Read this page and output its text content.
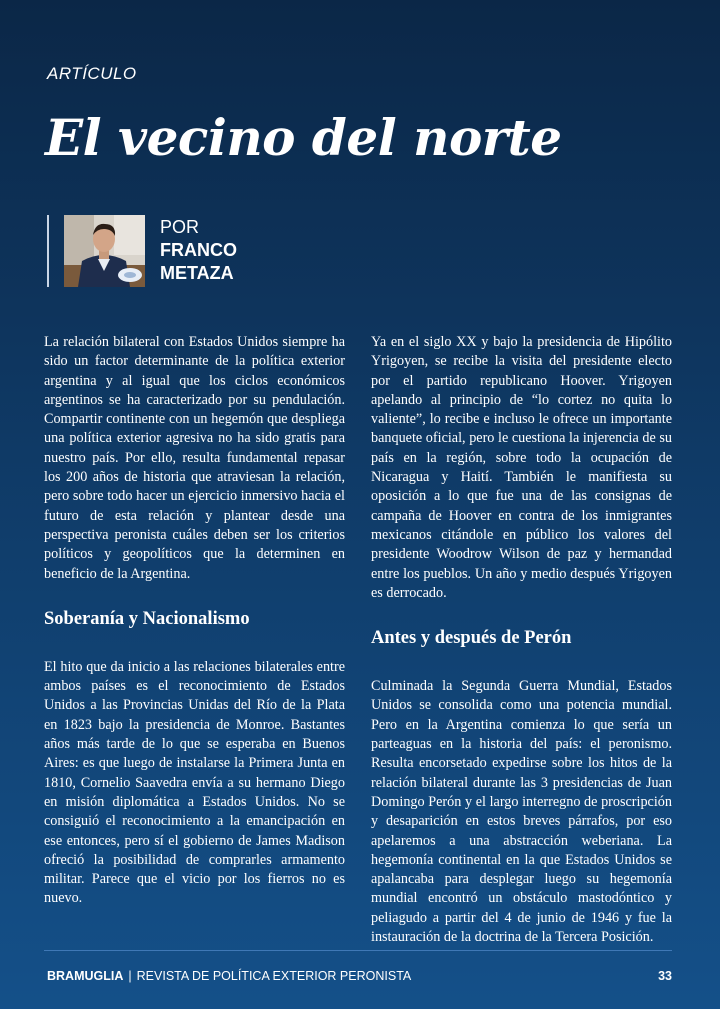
ARTÍCULO
El vecino del norte
POR
FRANCO
METAZA

La relación bilateral con Estados Unidos siempre ha sido un factor determinante de la política exterior argentina y al igual que los ciclos económicos argentinos se ha caracterizado por su pendulación. Compartir continente con un hegemón que despliega una política exterior agresiva no ha sido gratis para nuestro país. Por ello, resulta fundamental repasar los 200 años de historia que atraviesan la relación, pero sobre todo hacer un ejercicio inmersivo hacia el futuro de esta relación y plantear desde una perspectiva peronista cuáles deben ser los criterios políticos y geopolíticos que la determinen en beneficio de la Argentina.

Soberanía y Nacionalismo

El hito que da inicio a las relaciones bilaterales entre ambos países es el reconocimiento de Estados Unidos a las Provincias Unidas del Río de la Plata en 1823 bajo la presidencia de Monroe. Bastantes años más tarde de lo que se esperaba en Buenos Aires: es que luego de instalarse la Primera Junta en 1810, Cornelio Saavedra envía a su hermano Diego en misión diplomática a Estados Unidos. No se consiguió el reconocimiento a la emancipación en ese entonces, pero sí el gobierno de James Madison ofreció la posibilidad de comprarles armamento militar. Parece que el vicio por los fierros no es nuevo.

Ya en el siglo XX y bajo la presidencia de Hipólito Yrigoyen, se recibe la visita del presidente electo por el partido republicano Hoover. Yrigoyen apelando al principio de “lo cortez no quita lo valiente”, lo recibe e incluso le ofrece un importante banquete oficial, pero le cuestiona la injerencia de su país en la región, sobre todo la ocupación de Nicaragua y Haití. También le manifiesta su oposición a lo que fue una de las consignas de campaña de Hoover en contra de los inmigrantes mexicanos citándole en público los valores del presidente Woodrow Wilson de paz y hermandad entre los pueblos. Un año y medio después Yrigoyen es derrocado.

Antes y después de Perón

Culminada la Segunda Guerra Mundial, Estados Unidos se consolida como una potencia mundial. Pero en la Argentina comienza lo que sería un parteaguas en la historia del país: el peronismo. Resulta encorsetado expedirse sobre los hitos de la relación bilateral durante las 3 presidencias de Juan Domingo Perón y el largo interregno de proscripción y desaparición en estos breves párrafos, por eso apelaremos a una abstracción weberiana. La hegemonía continental en la que Estados Unidos se apalancaba para desplegar luego su hegemonía mundial encontró un obstáculo mastodóntico y peliagudo a partir del 4 de junio de 1946 y fue la instauración de la doctrina de la Tercera Posición.

BRAMUGLIA | REVISTA DE POLÍTICA EXTERIOR PERONISTA	33
